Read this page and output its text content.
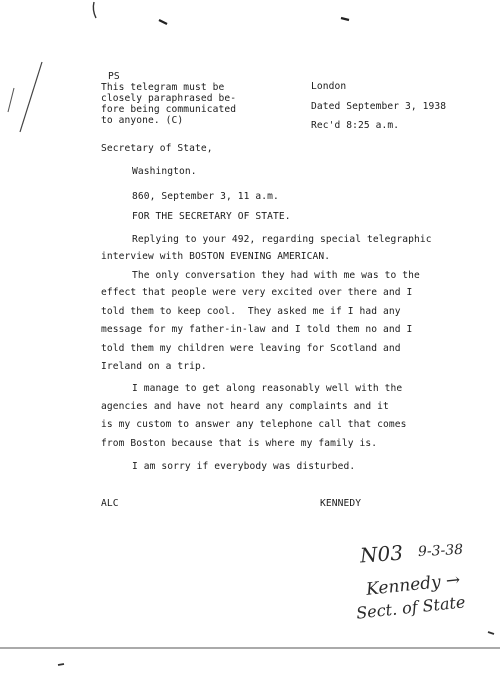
PS
This telegram must be
closely paraphrased be-
fore being communicated
to anyone. (C)
London
Dated September 3, 1938
Rec'd 8:25 a.m.
Secretary of State,
Washington.
860, September 3, 11 a.m.
FOR THE SECRETARY OF STATE.
Replying to your 492, regarding special telegraphic
interview with BOSTON EVENING AMERICAN.
The only conversation they had with me was to the
effect that people were very excited over there and I
told them to keep cool.  They asked me if I had any
message for my father-in-law and I told them no and I
told them my children were leaving for Scotland and
Ireland on a trip.
I manage to get along reasonably well with the
agencies and have not heard any complaints and it
is my custom to answer any telephone call that comes
from Boston because that is where my family is.
I am sorry if everybody was disturbed.
ALC	KENNEDY
N03 9-3-38
Kennedy →
Sect. of State
